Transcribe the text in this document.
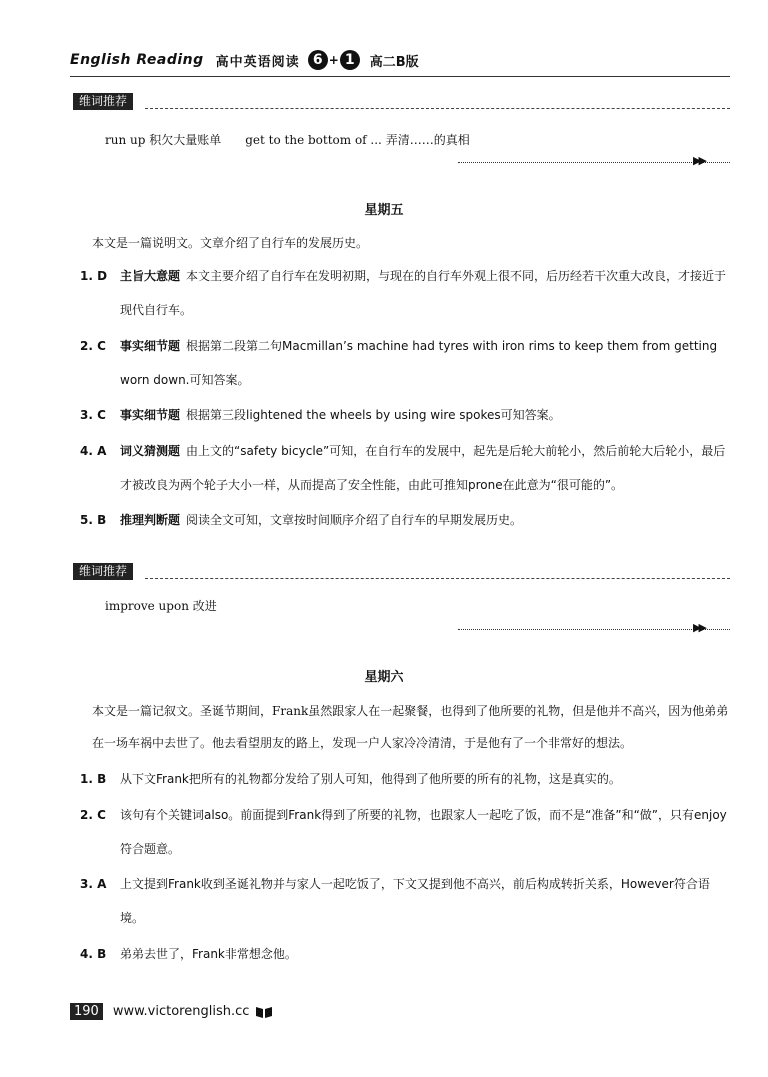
English Reading 高中英语阅读 6 + 1	高二B版
维词推荐
run up 积欠大量账单　　get to the bottom of ... 弄清……的真相
▶▶
星期五
本文是一篇说明文。文章介绍了自行车的发展历史。
1. D 主旨大意题 本文主要介绍了自行车在发明初期，与现在的自行车外观上很不同，后历经若干次重大改良，才接近于现代自行车。
2. C 事实细节题 根据第二段第二句Macmillan’s machine had tyres with iron rims to keep them from getting worn down.可知答案。
3. C 事实细节题 根据第三段lightened the wheels by using wire spokes可知答案。
4. A 词义猜测题 由上文的“safety bicycle”可知，在自行车的发展中，起先是后轮大前轮小，然后前轮大后轮小，最后才被改良为两个轮子大小一样，从而提高了安全性能，由此可推知prone在此意为“很可能的”。
5. B 推理判断题 阅读全文可知，文章按时间顺序介绍了自行车的早期发展历史。
维词推荐
improve upon 改进
▶▶
星期六
本文是一篇记叙文。圣诞节期间，Frank虽然跟家人在一起聚餐，也得到了他所要的礼物，但是他并不高兴，因为他弟弟在一场车祸中去世了。他去看望朋友的路上，发现一户人家冷冷清清，于是他有了一个非常好的想法。
1. B 从下文Frank把所有的礼物都分发给了别人可知，他得到了他所要的所有的礼物，这是真实的。
2. C 该句有个关键词also。前面提到Frank得到了所要的礼物，也跟家人一起吃了饭，而不是“准备”和“做”，只有enjoy符合题意。
3. A 上文提到Frank收到圣诞礼物并与家人一起吃饭了，下文又提到他不高兴，前后构成转折关系，However符合语境。
4. B 弟弟去世了，Frank非常想念他。
190	www.victorenglish.cc
